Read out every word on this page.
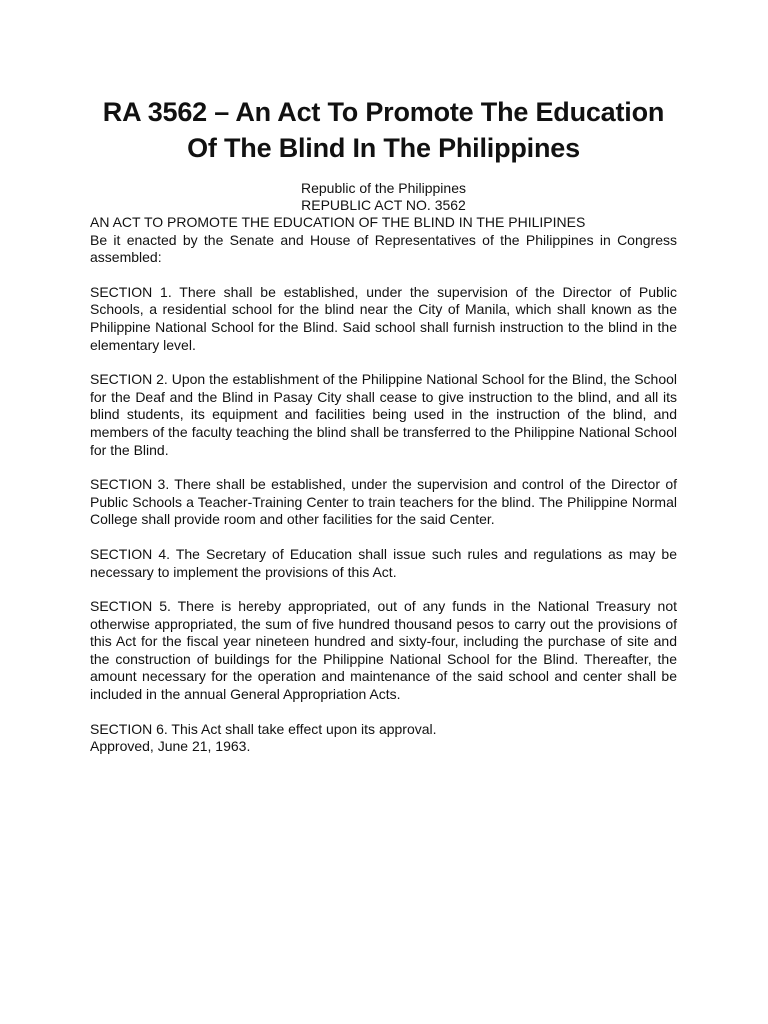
RA 3562 – An Act To Promote The Education Of The Blind In The Philippines
Republic of the Philippines
REPUBLIC ACT NO. 3562
AN ACT TO PROMOTE THE EDUCATION OF THE BLIND IN THE PHILIPINES

Be it enacted by the Senate and House of Representatives of the Philippines in Congress assembled:

SECTION 1. There shall be established, under the supervision of the Director of Public Schools, a residential school for the blind near the City of Manila, which shall known as the Philippine National School for the Blind. Said school shall furnish instruction to the blind in the elementary level.

SECTION 2. Upon the establishment of the Philippine National School for the Blind, the School for the Deaf and the Blind in Pasay City shall cease to give instruction to the blind, and all its blind students, its equipment and facilities being used in the instruction of the blind, and members of the faculty teaching the blind shall be transferred to the Philippine National School for the Blind.

SECTION 3. There shall be established, under the supervision and control of the Director of Public Schools a Teacher-Training Center to train teachers for the blind. The Philippine Normal College shall provide room and other facilities for the said Center.

SECTION 4. The Secretary of Education shall issue such rules and regulations as may be necessary to implement the provisions of this Act.

SECTION 5. There is hereby appropriated, out of any funds in the National Treasury not otherwise appropriated, the sum of five hundred thousand pesos to carry out the provisions of this Act for the fiscal year nineteen hundred and sixty-four, including the purchase of site and the construction of buildings for the Philippine National School for the Blind. Thereafter, the amount necessary for the operation and maintenance of the said school and center shall be included in the annual General Appropriation Acts.

SECTION 6. This Act shall take effect upon its approval.

Approved, June 21, 1963.
